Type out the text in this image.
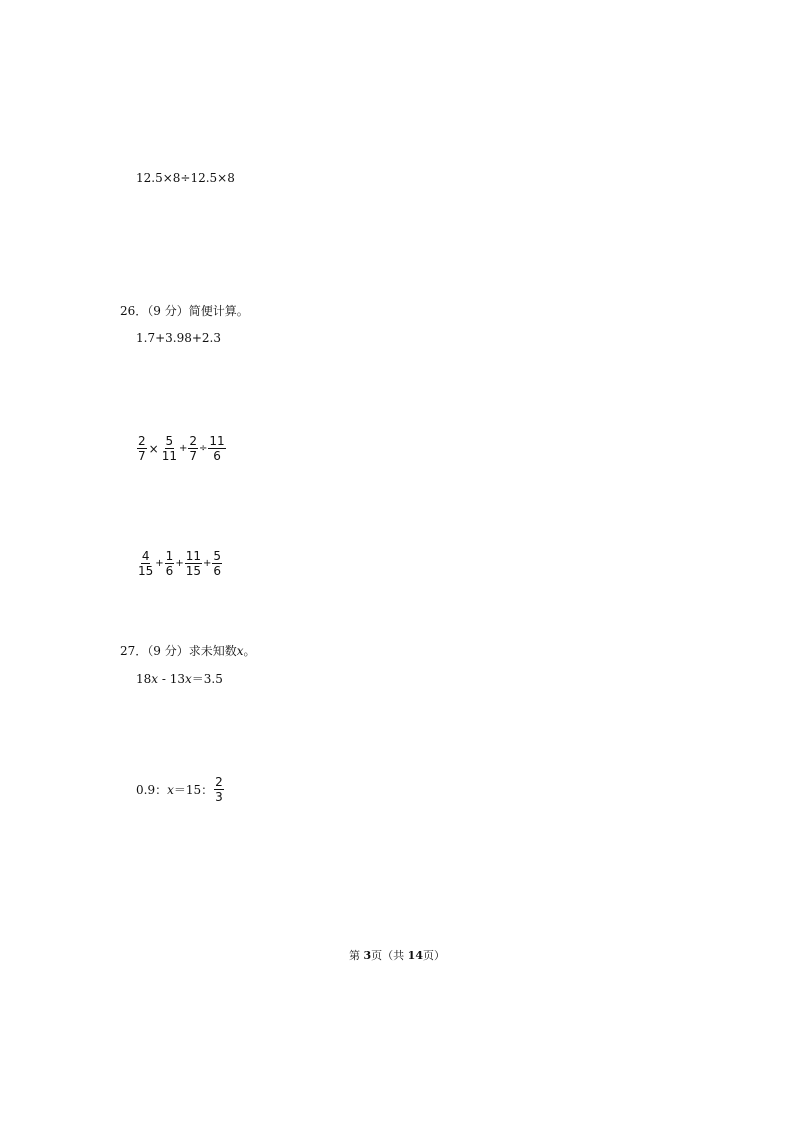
12.5×8÷12.5×8
26．（9 分）简便计算。
1.7+3.98+2.3
$\frac{2}{7} \times \frac{5}{11} + \frac{2}{7} \div \frac{11}{6}$
$\frac{4}{15} + \frac{1}{6} + \frac{11}{15} + \frac{5}{6}$
27．（9 分）求未知数 x 。
18 x - 13 x ＝3.5
0.9： x ＝15： $\frac{2}{3}$
第 3页（共 14页）
